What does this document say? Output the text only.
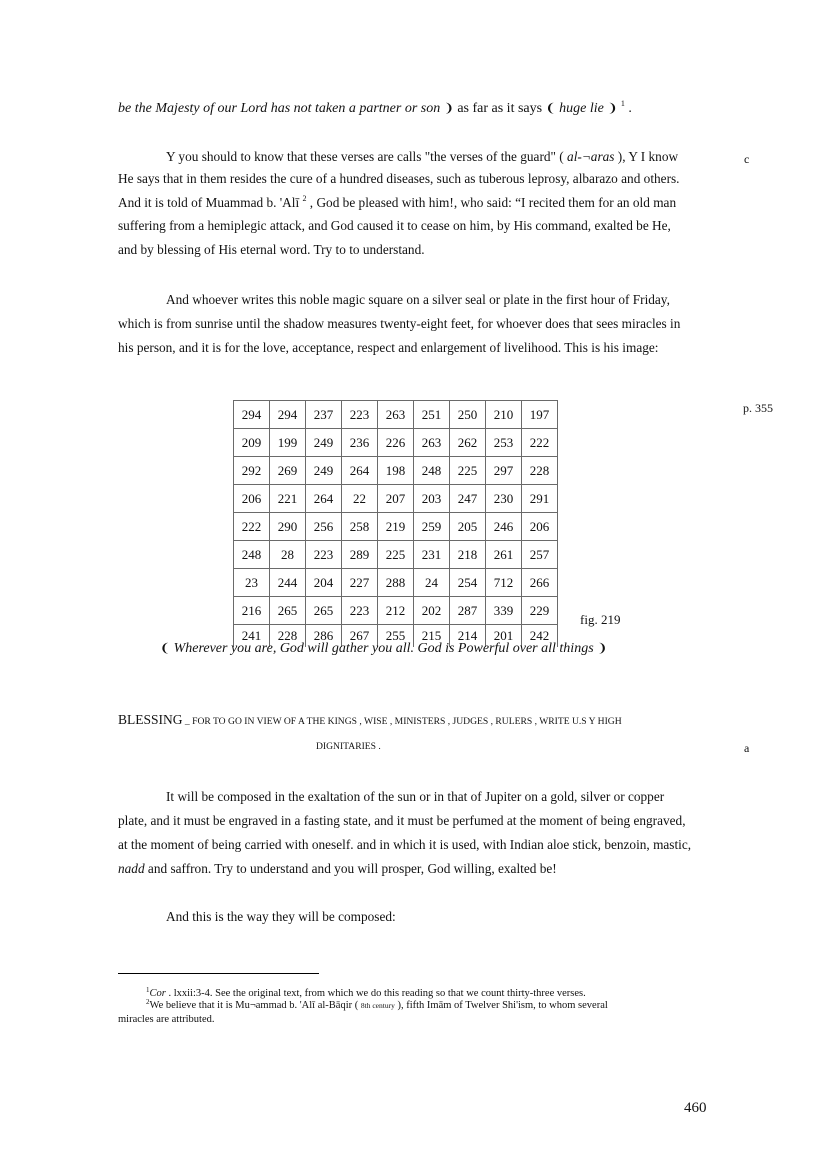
be the Majesty of our Lord has not taken a partner or son ❩ as far as it says ❨ huge lie ❩ $^1$ .
Y you should to know that these verses are calls "the verses of the guard" ( al-¬aras ), Y I know
He says that in them resides the cure of a hundred diseases, such as tuberous leprosy, albarazo and others.
And it is told of Muammad b. 'Alī $^2$ , God be pleased with him!, who said: “I recited them for an old man
suffering from a hemiplegic attack, and God caused it to cease on him, by His command, exalted be He,
and by blessing of His eternal word. Try to to understand.
c
And whoever writes this noble magic square on a silver seal or plate in the first hour of Friday,
which is from sunrise until the shadow measures twenty-eight feet, for whoever does that sees miracles in
his person, and it is for the love, acceptance, respect and enlargement of livelihood. This is his image:
p. 355
294	294	237	223	263	251	250	210	197
209	199	249	236	226	263	262	253	222
292	269	249	264	198	248	225	297	228
206	221	264	22	207	203	247	230	291
222	290	256	258	219	259	205	246	206
248	28	223	289	225	231	218	261	257
23	244	204	227	288	24	254	712	266
216	265	265	223	212	202	287	339	229
241	228	286	267	255	215	214	201	242
fig. 219
❨ Wherever you are, God will gather you all. God is Powerful over all things ❩
BLESSING _ FOR TO GO IN VIEW OF A THE KINGS , WISE , MINISTERS , JUDGES , RULERS , WRITE U.S Y HIGH
DIGNITARIES .	a
It will be composed in the exaltation of the sun or in that of Jupiter on a gold, silver or copper
plate, and it must be engraved in a fasting state, and it must be perfumed at the moment of being engraved,
at the moment of being carried with oneself. and in which it is used, with Indian aloe stick, benzoin, mastic,
nadd and saffron. Try to understand and you will prosper, God willing, exalted be!
And this is the way they will be composed:
$^1$Cor . lxxii:3-4. See the original text, from which we do this reading so that we count thirty-three verses.
$^2$We believe that it is Mu¬ammad b. 'Alī al-Bāqir ( 8th century ), fifth Imām of Twelver Shi'ism, to whom several
miracles are attributed.
460
